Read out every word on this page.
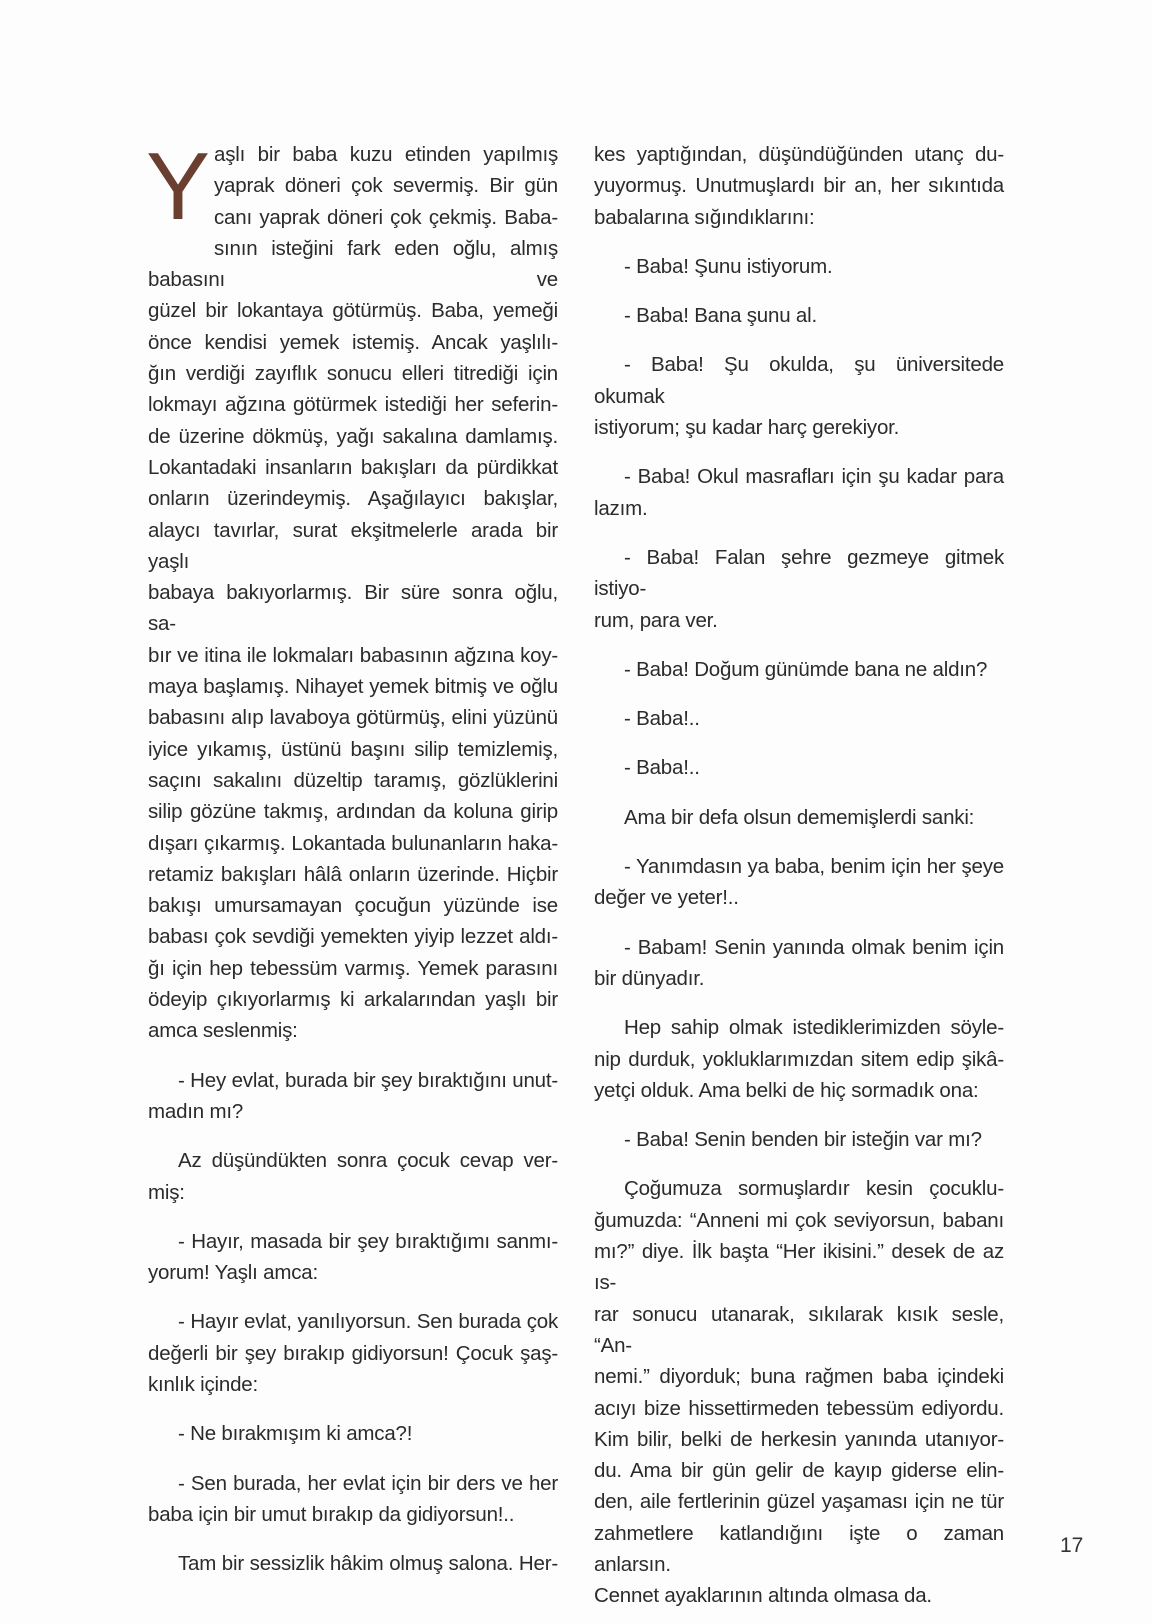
Y aşlı bir baba kuzu etinden yapılmış
yaprak döneri çok severmiş. Bir gün
canı yaprak döneri çok çekmiş. Baba-
sının isteğini fark eden oğlu, almış babasını ve
güzel bir lokantaya götürmüş. Baba, yemeği
önce kendisi yemek istemiş. Ancak yaşlılı-
ğın verdiği zayıflık sonucu elleri titrediği için
lokmayı ağzına götürmek istediği her seferin-
de üzerine dökmüş, yağı sakalına damlamış.
Lokantadaki insanların bakışları da pürdikkat
onların üzerindeymiş. Aşağılayıcı bakışlar,
alaycı tavırlar, surat ekşitmelerle arada bir yaşlı
babaya bakıyorlarmış. Bir süre sonra oğlu, sa-
bır ve itina ile lokmaları babasının ağzına koy-
maya başlamış. Nihayet yemek bitmiş ve oğlu
babasını alıp lavaboya götürmüş, elini yüzünü
iyice yıkamış, üstünü başını silip temizlemiş,
saçını sakalını düzeltip taramış, gözlüklerini
silip gözüne takmış, ardından da koluna girip
dışarı çıkarmış. Lokantada bulunanların haka-
retamiz bakışları hâlâ onların üzerinde. Hiçbir
bakışı umursamayan çocuğun yüzünde ise
babası çok sevdiği yemekten yiyip lezzet aldı-
ğı için hep tebessüm varmış. Yemek parasını
ödeyip çıkıyorlarmış ki arkalarından yaşlı bir
amca seslenmiş:

- Hey evlat, burada bir şey bıraktığını unut-
madın mı?

Az düşündükten sonra çocuk cevap ver-
miş:

- Hayır, masada bir şey bıraktığımı sanmı-
yorum! Yaşlı amca:

- Hayır evlat, yanılıyorsun. Sen burada çok
değerli bir şey bırakıp gidiyorsun! Çocuk şaş-
kınlık içinde:

- Ne bırakmışım ki amca?!

- Sen burada, her evlat için bir ders ve her
baba için bir umut bırakıp da gidiyorsun!..

Tam bir sessizlik hâkim olmuş salona. Her-

kes yaptığından, düşündüğünden utanç du-
yuyormuş. Unutmuşlardı bir an, her sıkıntıda
babalarına sığındıklarını:

- Baba! Şunu istiyorum.

- Baba! Bana şunu al.

- Baba! Şu okulda, şu üniversitede okumak
istiyorum; şu kadar harç gerekiyor.

- Baba! Okul masrafları için şu kadar para
lazım.

- Baba! Falan şehre gezmeye gitmek istiyo-
rum, para ver.

- Baba! Doğum günümde bana ne aldın?

- Baba!..

- Baba!..

Ama bir defa olsun dememişlerdi sanki:

- Yanımdasın ya baba, benim için her şeye
değer ve yeter!..

- Babam! Senin yanında olmak benim için
bir dünyadır.

Hep sahip olmak istediklerimizden söyle-
nip durduk, yokluklarımızdan sitem edip şikâ-
yetçi olduk. Ama belki de hiç sormadık ona:

- Baba! Senin benden bir isteğin var mı?

Çoğumuza sormuşlardır kesin çocuklu-
ğumuzda: “Anneni mi çok seviyorsun, babanı
mı?” diye. İlk başta “Her ikisini.” desek de az ıs-
rar sonucu utanarak, sıkılarak kısık sesle, “An-
nemi.” diyorduk; buna rağmen baba içindeki
acıyı bize hissettirmeden tebessüm ediyordu.
Kim bilir, belki de herkesin yanında utanıyor-
du. Ama bir gün gelir de kayıp giderse elin-
den, aile fertlerinin güzel yaşaması için ne tür
zahmetlere katlandığını işte o zaman anlarsın.
Cennet ayaklarının altında olmasa da.

17
